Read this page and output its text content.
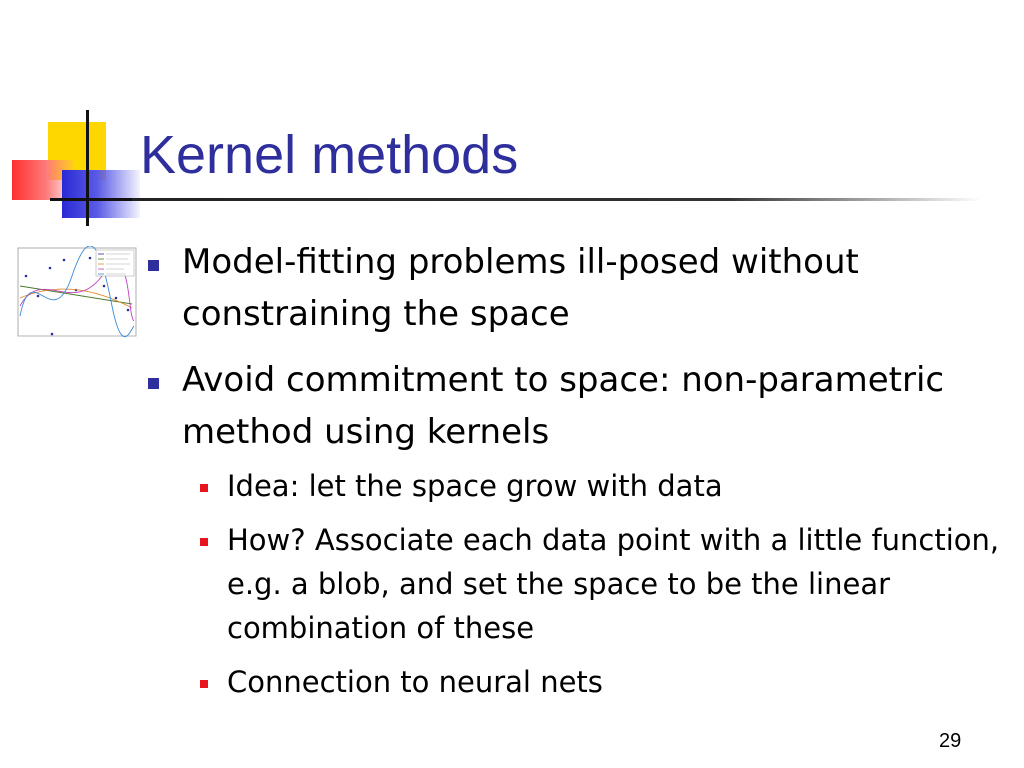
Kernel methods
Model-fitting problems ill-posed without constraining the space
Avoid commitment to space: non-parametric method using kernels
Idea: let the space grow with data
How? Associate each data point with a little function, e.g. a blob, and set the space to be the linear combination of these
Connection to neural nets
29
